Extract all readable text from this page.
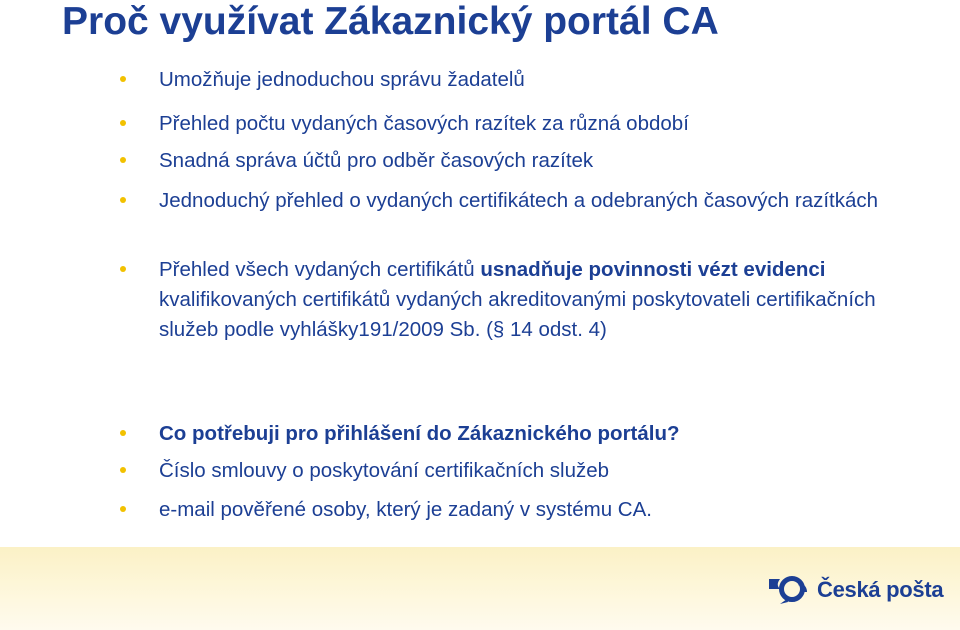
Proč využívat Zákaznický portál CA
Umožňuje jednoduchou správu žadatelů
Přehled počtu vydaných časových razítek za různá období
Snadná správa účtů pro odběr časových razítek
Jednoduchý přehled o vydaných certifikátech a odebraných časových razítkách
Přehled všech vydaných certifikátů usnadňuje povinnosti vézt evidenci kvalifikovaných certifikátů vydaných akreditovanými poskytovateli certifikačních služeb podle vyhlášky191/2009 Sb. (§ 14 odst. 4)
Co potřebuji pro přihlášení do Zákaznického portálu?
Číslo smlouvy o poskytování certifikačních služeb
e-mail pověřené osoby, který je zadaný v systému CA.
Česká pošta
